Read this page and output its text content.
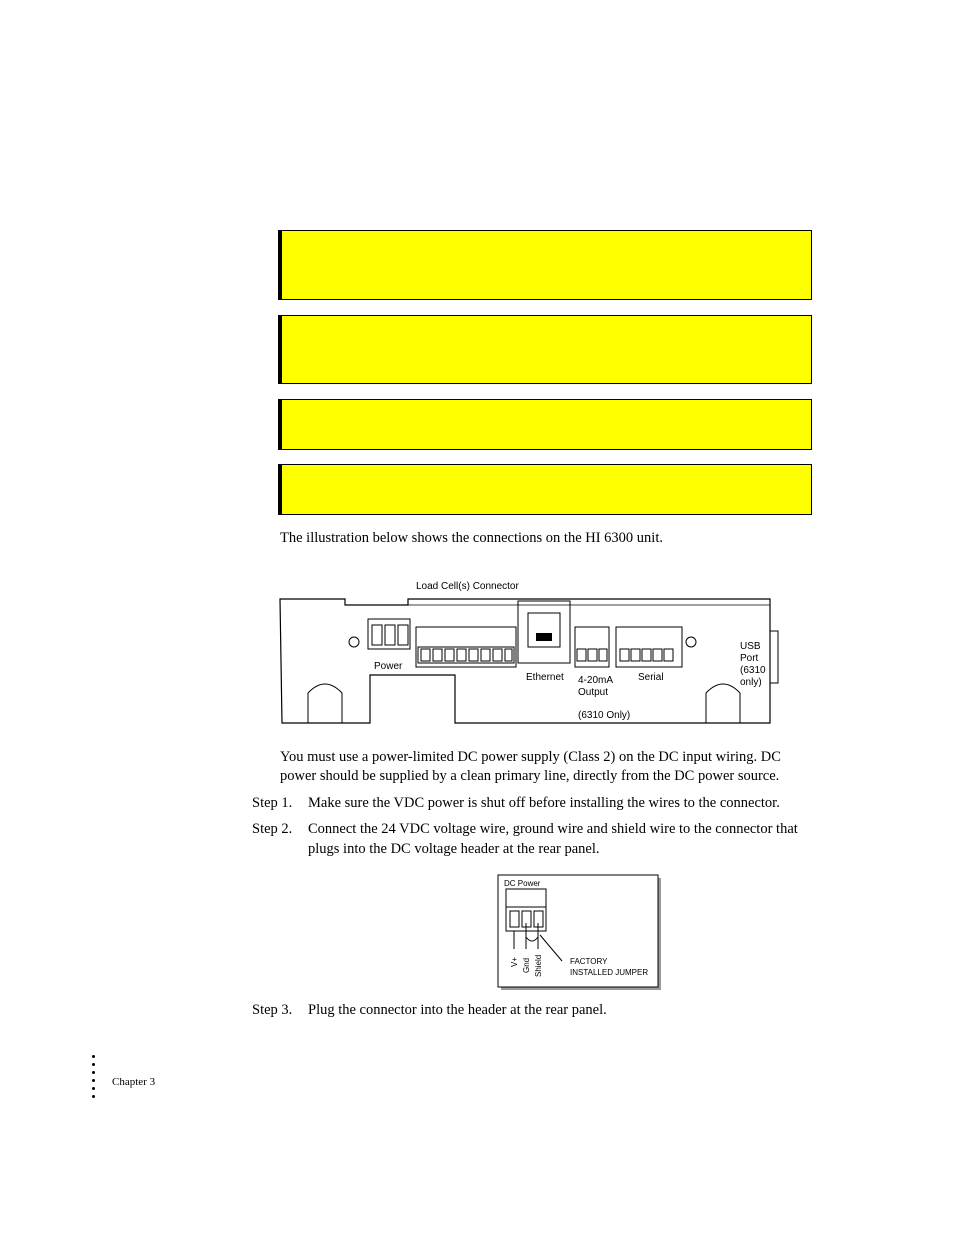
The illustration below shows the connections on the HI 6300 unit.
Load Cell(s) Connector
Power
Ethernet 4-20mA
Output
(6310 Only)
Serial
USB
Port
(6310
only)
You must use a power-limited DC power supply (Class 2) on the DC input wiring. DC
power should be supplied by a clean primary line, directly from the DC power source.
Step 1. Make sure the VDC power is shut off before installing the wires to the connector.
Step 2. Connect the 24 VDC voltage wire, ground wire and shield wire to the connector that plugs into the DC voltage header at the rear panel.
DC Power
V+ Gnd Shield	FACTORY
INSTALLED JUMPER
Step 3. Plug the connector into the header at the rear panel.
Chapter 3
